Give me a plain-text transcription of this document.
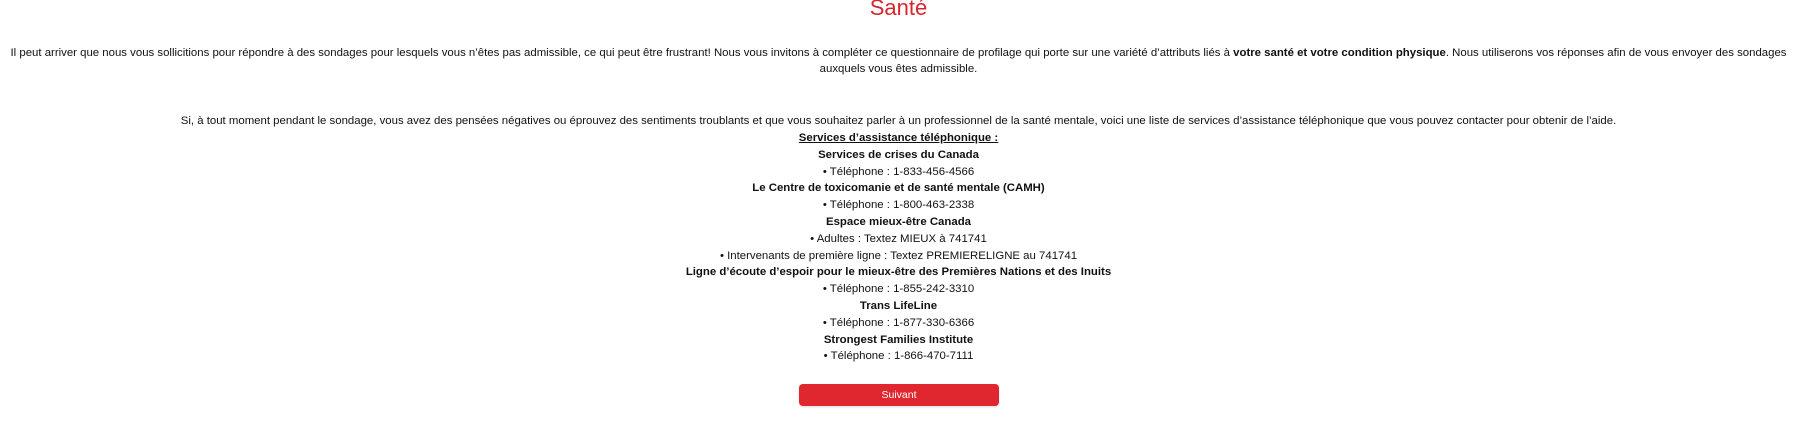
Santé

Il peut arriver que nous vous sollicitions pour répondre à des sondages pour lesquels vous n’êtes pas admissible, ce qui peut être frustrant! Nous vous invitons à compléter ce questionnaire de profilage qui porte sur une variété d’attributs liés à votre santé et votre condition physique. Nous utiliserons vos réponses afin de vous envoyer des sondages auxquels vous êtes admissible.

Si, à tout moment pendant le sondage, vous avez des pensées négatives ou éprouvez des sentiments troublants et que vous souhaitez parler à un professionnel de la santé mentale, voici une liste de services d’assistance téléphonique que vous pouvez contacter pour obtenir de l’aide.

Services d’assistance téléphonique :
Services de crises du Canada
• Téléphone : 1-833-456-4566
Le Centre de toxicomanie et de santé mentale (CAMH)
• Téléphone : 1-800-463-2338
Espace mieux-être Canada
• Adultes : Textez MIEUX à 741741
• Intervenants de première ligne : Textez PREMIERELIGNE au 741741
Ligne d’écoute d’espoir pour le mieux-être des Premières Nations et des Inuits
• Téléphone : 1-855-242-3310
Trans LifeLine
• Téléphone : 1-877-330-6366
Strongest Families Institute
• Téléphone : 1-866-470-7111
Suivant
